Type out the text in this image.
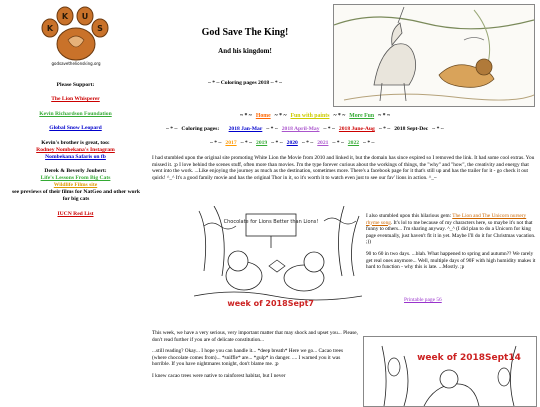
K
K U
S
godsavethelionsking.org
Please Support:
The Lion Whisperer
Kevin Richardson Foundation
Global Snow Leopard
Kevin's brother is great, too:
Rodney Nombekana's Instagram
Nombekana Safaris on fb
Derek & Beverly Joubert:
Life's Lessons From Big Cats
Wildlife Films site
see previews of their films for NatGeo and other work for big cats
IUCN Red List
God Save The King!
And his kingdom!
~ * ~ Coloring pages 2018 ~ * ~
~ * ~ Home ~ * ~ Fun with paints ~ * ~ More Fun ~ * ~
~ * ~ Coloring pages: 2018 Jan-Mar ~ * ~ 2018 April-May ~ * ~ 2018 June-Aug ~ * ~ 2018 Sept-Dec ~ * ~
~ * ~ 2017 ~ * ~ 2019 ~ * ~ 2020 ~ * ~ 2021 ~ * ~ 2022 ~ * ~
I had stumbled upon the original site promoting White Lion the Movie from 2010 and linked it, but the domain has since expired so I removed the link. It had some cool extras. You missed it. ;p I love behind the scenes stuff, often more than movies. I'm the type forever curious about the workings of things, the "why" and "how", the creativity and energy that went into the work. ...Like enjoying the journey as much as the destination, sometimes more. There's a facebook page for it that's still up and has the trailer for it - go check it out quick! ^_^ It's a good family movie and has the original Thor in it, so it's worth it to watch even just to see our fav' lions in action. ^_~
Chocolate for Lions Better than Lions!
week of 2018Sept7

I also stumbled upon this hilarious gem: The Lion and The Unicorn nursery rhyme song. It's lol to me because of my characters here, so maybe it's not that funny to others... I'm sharing anyway. ^_^ (I did plan to do a Unicorn for king page eventually, just haven't fit it in yet. Maybe I'll do it for Christmas vacation. ;))

90 to 60 in two days. ...blah. What happened to spring and autumn?? We rarely get real ones anymore... Well, multiple days of 90F with high humidity makes it hard to function - why this is late. ...Mostly. ;p

Printable page 56

This week, we have a very serious, very important matter that may shock and upset you... Please, don't read further if you are of delicate constitution...

...still reading? Okay... I hope you can handle it... *deep breath* Here we go... Cacao trees (where chocolate comes from)... *sniffle* are... *gulp* in danger. .... I warned you it was horrible. If you have nightmares tonight, don't blame me. ;p

I knew cacao trees were native to rainforest habitat, but I never

week of 2018Sept14
